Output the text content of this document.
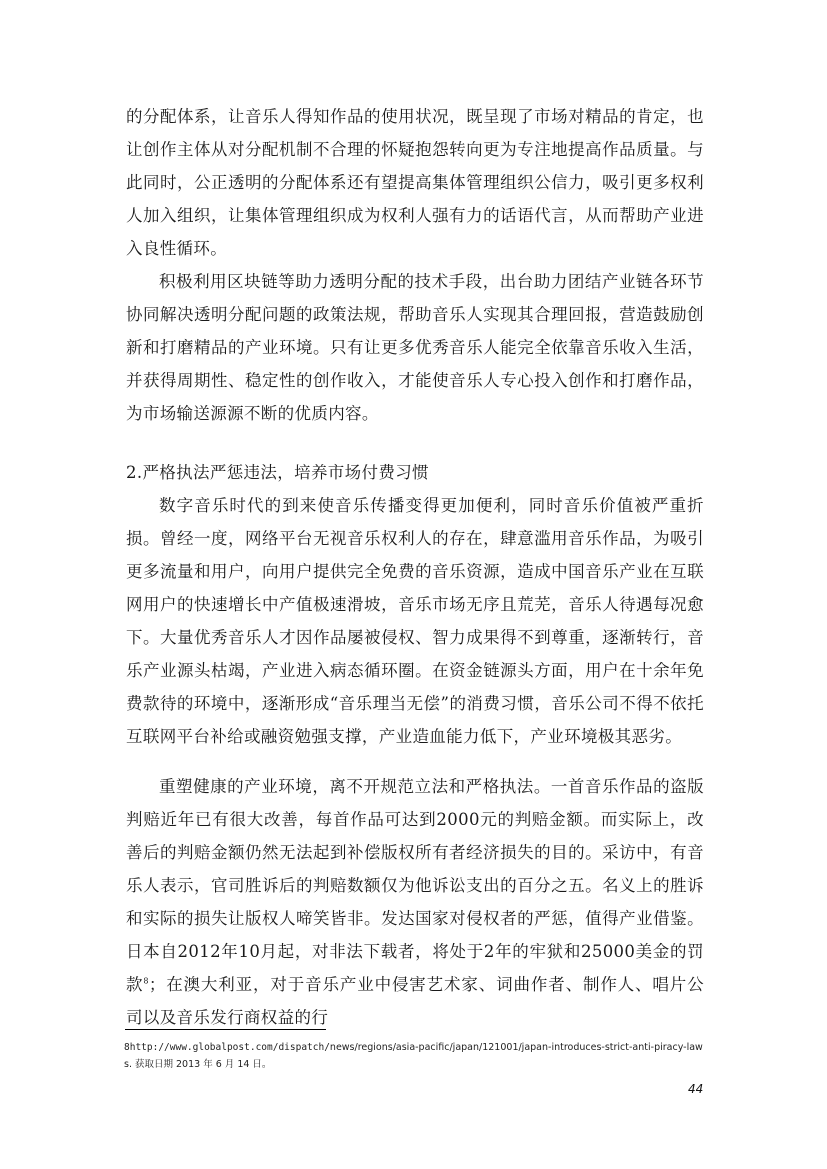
的分配体系，让音乐人得知作品的使用状况，既呈现了市场对精品的肯定，也让创作主体从对分配机制不合理的怀疑抱怨转向更为专注地提高作品质量。与此同时，公正透明的分配体系还有望提高集体管理组织公信力，吸引更多权利人加入组织，让集体管理组织成为权利人强有力的话语代言，从而帮助产业进入良性循环。

积极利用区块链等助力透明分配的技术手段，出台助力团结产业链各环节协同解决透明分配问题的政策法规，帮助音乐人实现其合理回报，营造鼓励创新和打磨精品的产业环境。只有让更多优秀音乐人能完全依靠音乐收入生活，并获得周期性、稳定性的创作收入，才能使音乐人专心投入创作和打磨作品，为市场输送源源不断的优质内容。

2.严格执法严惩违法，培养市场付费习惯

数字音乐时代的到来使音乐传播变得更加便利，同时音乐价值被严重折损。曾经一度，网络平台无视音乐权利人的存在，肆意滥用音乐作品，为吸引更多流量和用户，向用户提供完全免费的音乐资源，造成中国音乐产业在互联网用户的快速增长中产值极速滑坡，音乐市场无序且荒芜，音乐人待遇每况愈下。大量优秀音乐人才因作品屡被侵权、智力成果得不到尊重，逐渐转行，音乐产业源头枯竭，产业进入病态循环圈。在资金链源头方面，用户在十余年免费款待的环境中，逐渐形成“音乐理当无偿”的消费习惯，音乐公司不得不依托互联网平台补给或融资勉强支撑，产业造血能力低下，产业环境极其恶劣。

重塑健康的产业环境，离不开规范立法和严格执法。一首音乐作品的盗版判赔近年已有很大改善，每首作品可达到2000元的判赔金额。而实际上，改善后的判赔金额仍然无法起到补偿版权所有者经济损失的目的。采访中，有音乐人表示，官司胜诉后的判赔数额仅为他诉讼支出的百分之五。名义上的胜诉和实际的损失让版权人啼笑皆非。发达国家对侵权者的严惩，值得产业借鉴。日本自2012年10月起，对非法下载者，将处于2年的牢狱和25000美金的罚款$^8$；在澳大利亚，对于音乐产业中侵害艺术家、词曲作者、制作人、唱片公司以及音乐发行商权益的行

8http://www.globalpost.com/dispatch/news/regions/asia-pacific/japan/121001/japan-introduces-strict-anti-piracy-laws. 获取日期 2013 年 6 月 14 日。

44
